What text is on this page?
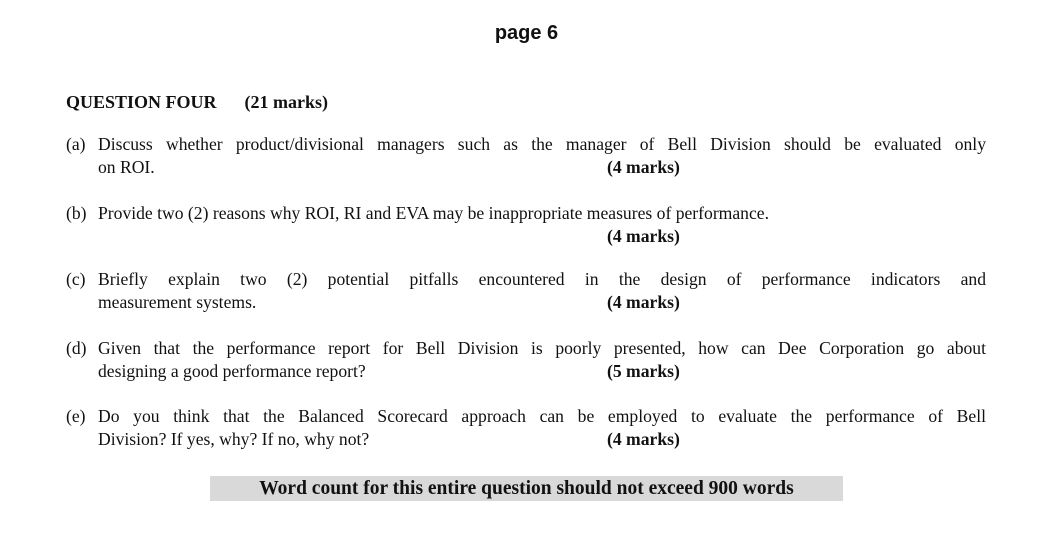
page 6
QUESTION FOUR (21 marks)
(a) Discuss whether product/divisional managers such as the manager of Bell Division should be evaluated only
on ROI.	(4 marks)
(b) Provide two (2) reasons why ROI, RI and EVA may be inappropriate measures of performance.
(4 marks)
(c) Briefly explain two (2) potential pitfalls encountered in the design of performance indicators and
measurement systems.	(4 marks)
(d) Given that the performance report for Bell Division is poorly presented, how can Dee Corporation go about
designing a good performance report?	(5 marks)
(e) Do you think that the Balanced Scorecard approach can be employed to evaluate the performance of Bell
Division? If yes, why? If no, why not?	(4 marks)
Word count for this entire question should not exceed 900 words
